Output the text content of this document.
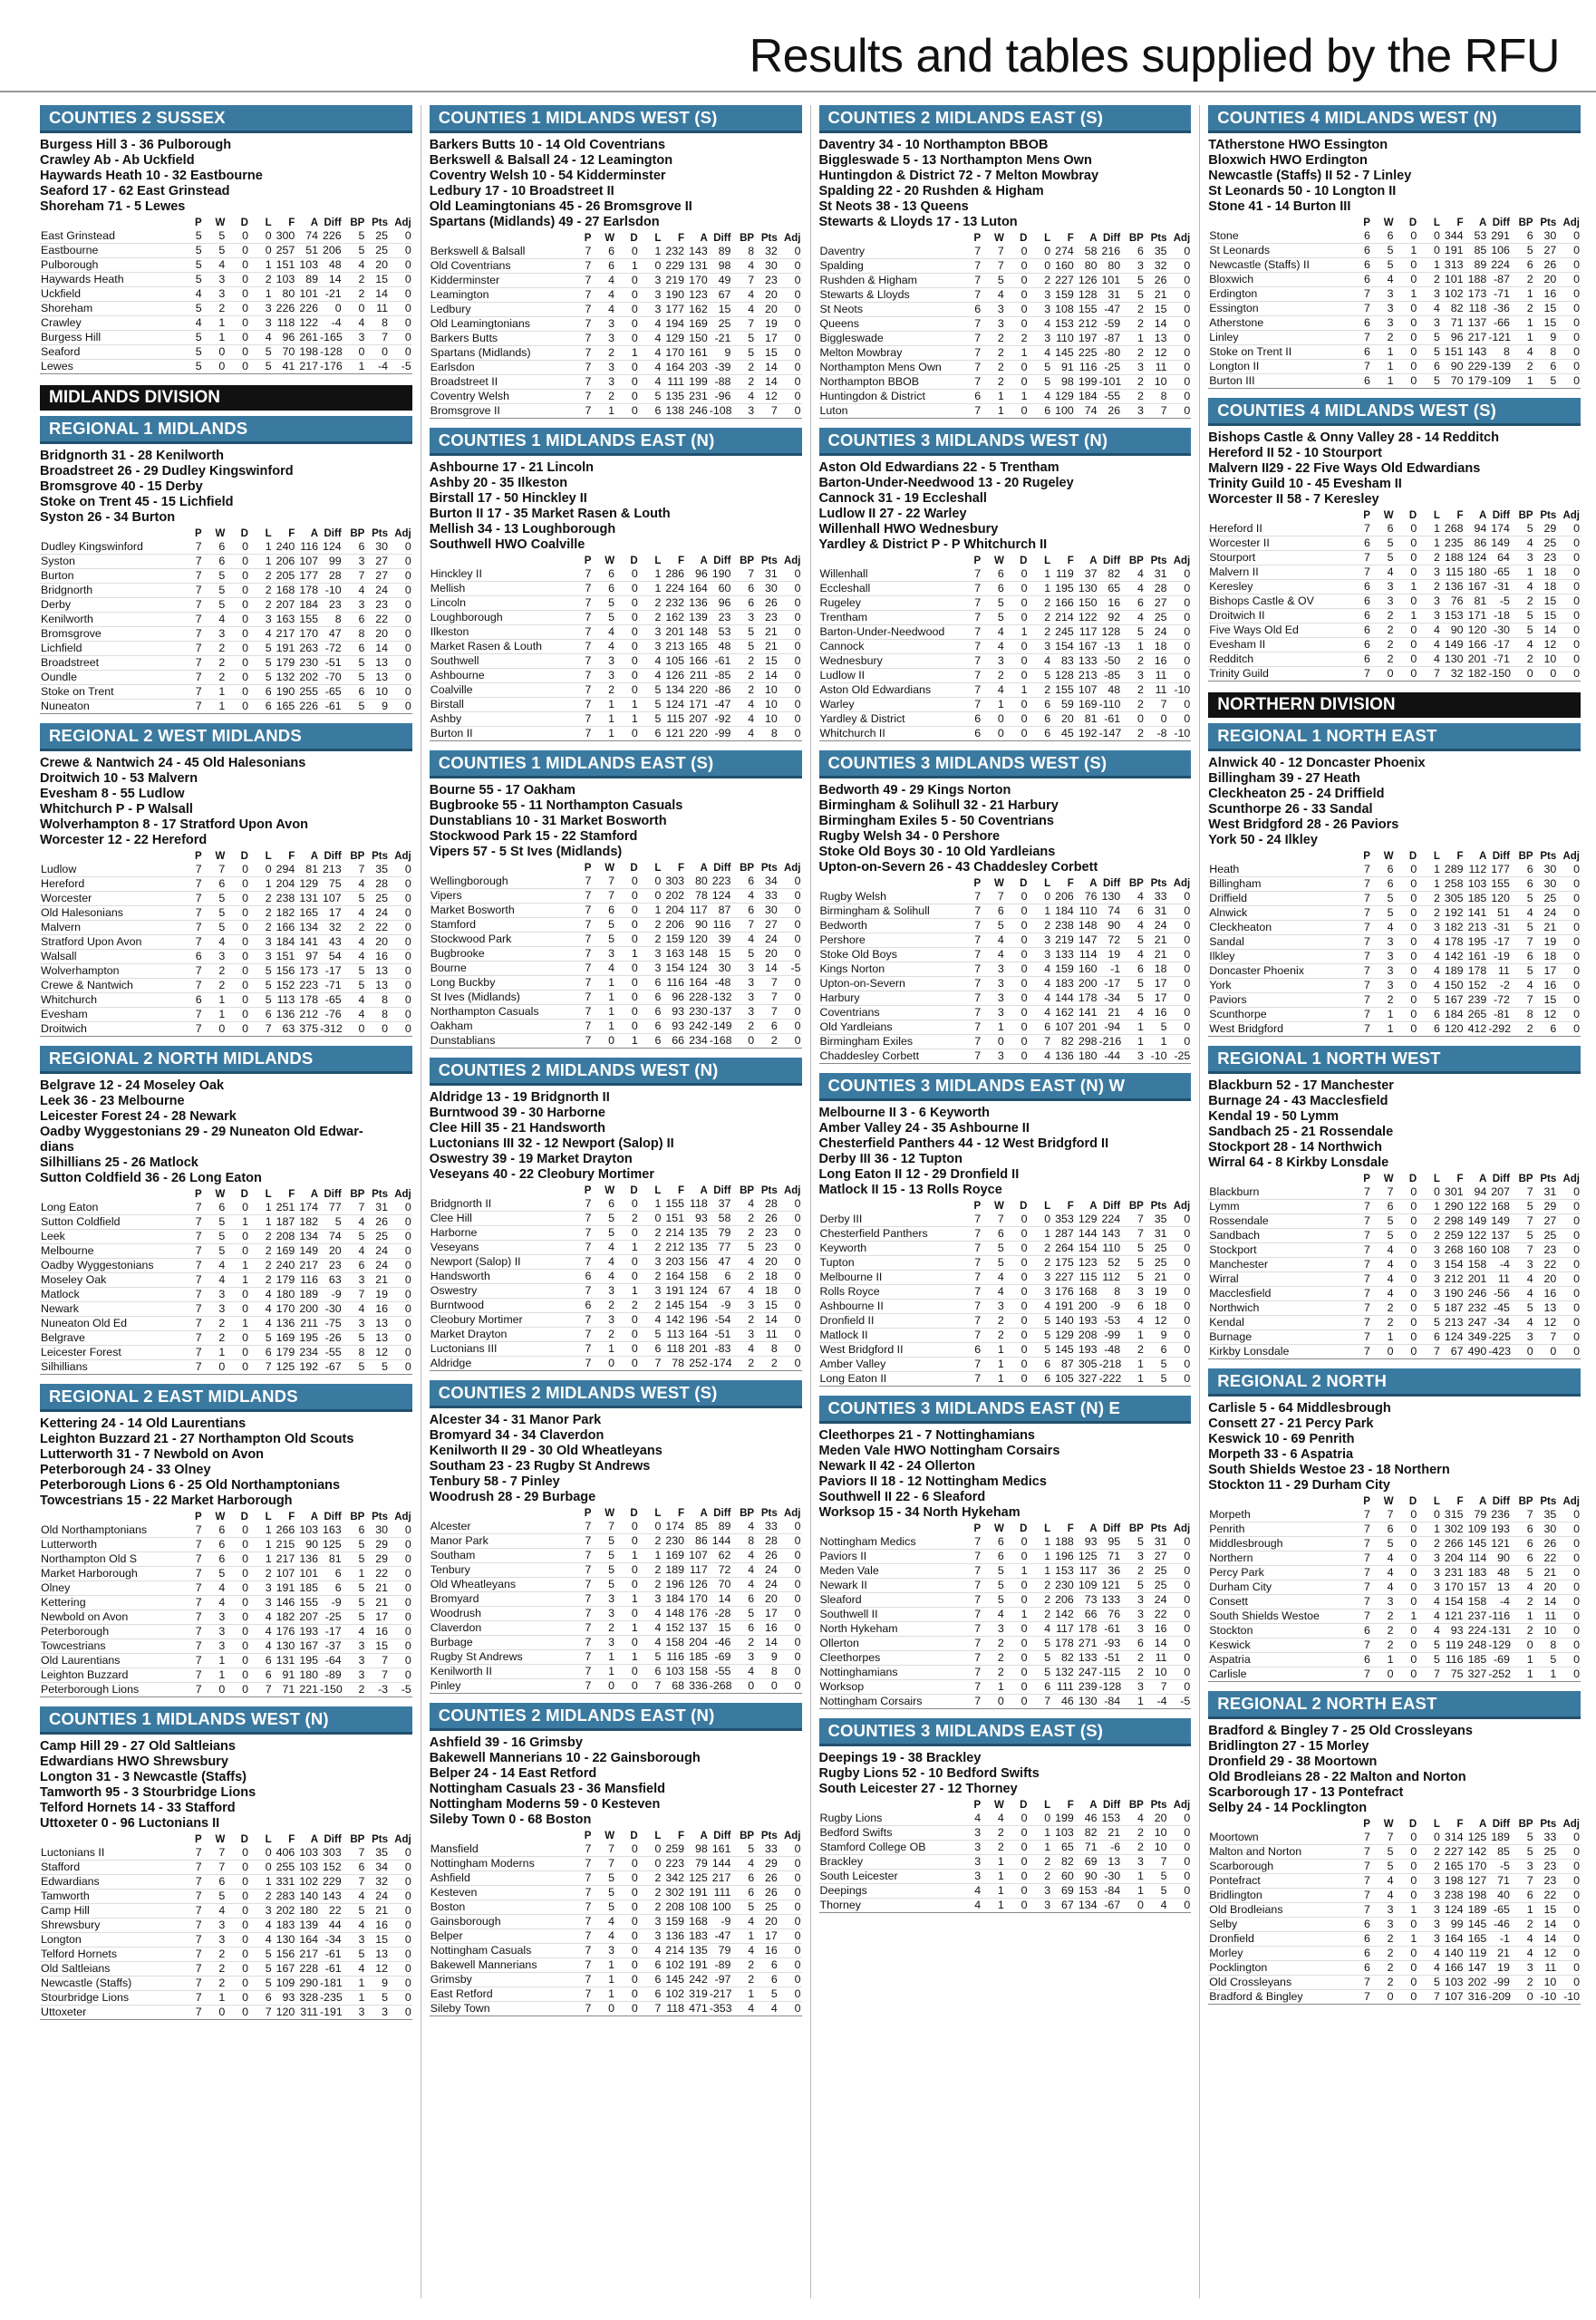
Results and tables supplied by the RFU
COUNTIES 2 SUSSEX
Burgess Hill 3 - 36 Pulborough
Crawley Ab - Ab Uckfield
Haywards Heath 10 - 32 Eastbourne
Seaford 17 - 62 East Grinstead
Shoreham 71 - 5 Lewes
	P	W	D	L	F	A	Diff	BP	Pts	Adj
East Grinstead	5	5	0	0	300	74	226	5	25	0
Eastbourne	5	5	0	0	257	51	206	5	25	0
Pulborough	5	4	0	1	151	103	48	4	20	0
Haywards Heath	5	3	0	2	103	89	14	2	15	0
Uckfield	4	3	0	1	80	101	-21	2	14	0
Shoreham	5	2	0	3	226	226	0	0	11	0
Crawley	4	1	0	3	118	122	-4	4	8	0
Burgess Hill	5	1	0	4	96	261	-165	3	7	0
Seaford	5	0	0	5	70	198	-128	0	0	0
Lewes	5	0	0	5	41	217	-176	1	-4	-5
MIDLANDS DIVISION
REGIONAL 1 MIDLANDS
Bridgnorth 31 - 28 Kenilworth
Broadstreet 26 - 29 Dudley Kingswinford
Bromsgrove 40 - 15 Derby
Stoke on Trent 45 - 15 Lichfield
Syston 26 - 34 Burton
	P	W	D	L	F	A	Diff	BP	Pts	Adj
Dudley Kingswinford	7	6	0	1	240	116	124	6	30	0
Syston	7	6	0	1	206	107	99	3	27	0
Burton	7	5	0	2	205	177	28	7	27	0
Bridgnorth	7	5	0	2	168	178	-10	4	24	0
Derby	7	5	0	2	207	184	23	3	23	0
Kenilworth	7	4	0	3	163	155	8	6	22	0
Bromsgrove	7	3	0	4	217	170	47	8	20	0
Lichfield	7	2	0	5	191	263	-72	6	14	0
Broadstreet	7	2	0	5	179	230	-51	5	13	0
Oundle	7	2	0	5	132	202	-70	5	13	0
Stoke on Trent	7	1	0	6	190	255	-65	6	10	0
Nuneaton	7	1	0	6	165	226	-61	5	9	0
REGIONAL 2 WEST MIDLANDS
Crewe & Nantwich 24 - 45 Old Halesonians
Droitwich 10 - 53 Malvern
Evesham 8 - 55 Ludlow
Whitchurch P - P Walsall
Wolverhampton 8 - 17 Stratford Upon Avon
Worcester 12 - 22 Hereford
	P	W	D	L	F	A	Diff	BP	Pts	Adj
Ludlow	7	7	0	0	294	81	213	7	35	0
Hereford	7	6	0	1	204	129	75	4	28	0
Worcester	7	5	0	2	238	131	107	5	25	0
Old Halesonians	7	5	0	2	182	165	17	4	24	0
Malvern	7	5	0	2	166	134	32	2	22	0
Stratford Upon Avon	7	4	0	3	184	141	43	4	20	0
Walsall	6	3	0	3	151	97	54	4	16	0
Wolverhampton	7	2	0	5	156	173	-17	5	13	0
Crewe & Nantwich	7	2	0	5	152	223	-71	5	13	0
Whitchurch	6	1	0	5	113	178	-65	4	8	0
Evesham	7	1	0	6	136	212	-76	4	8	0
Droitwich	7	0	0	7	63	375	-312	0	0	0
REGIONAL 2 NORTH MIDLANDS
Belgrave 12 - 24 Moseley Oak
Leek 36 - 23 Melbourne
Leicester Forest 24 - 28 Newark
Oadby Wyggestonians 29 - 29 Nuneaton Old Edwar-
dians
Silhillians 25 - 26 Matlock
Sutton Coldfield 36 - 26 Long Eaton
	P	W	D	L	F	A	Diff	BP	Pts	Adj
Long Eaton	7	6	0	1	251	174	77	7	31	0
Sutton Coldfield	7	5	1	1	187	182	5	4	26	0
Leek	7	5	0	2	208	134	74	5	25	0
Melbourne	7	5	0	2	169	149	20	4	24	0
Oadby Wyggestonians	7	4	1	2	240	217	23	6	24	0
Moseley Oak	7	4	1	2	179	116	63	3	21	0
Matlock	7	3	0	4	180	189	-9	7	19	0
Newark	7	3	0	4	170	200	-30	4	16	0
Nuneaton Old Ed	7	2	1	4	136	211	-75	3	13	0
Belgrave	7	2	0	5	169	195	-26	5	13	0
Leicester Forest	7	1	0	6	179	234	-55	8	12	0
Silhillians	7	0	0	7	125	192	-67	5	5	0
REGIONAL 2 EAST MIDLANDS
Kettering 24 - 14 Old Laurentians
Leighton Buzzard 21 - 27 Northampton Old Scouts
Lutterworth 31 - 7 Newbold on Avon
Peterborough 24 - 33 Olney
Peterborough Lions 6 - 25 Old Northamptonians
Towcestrians 15 - 22 Market Harborough
	P	W	D	L	F	A	Diff	BP	Pts	Adj
Old Northamptonians	7	6	0	1	266	103	163	6	30	0
Lutterworth	7	6	0	1	215	90	125	5	29	0
Northampton Old S	7	6	0	1	217	136	81	5	29	0
Market Harborough	7	5	0	2	107	101	6	1	22	0
Olney	7	4	0	3	191	185	6	5	21	0
Kettering	7	4	0	3	146	155	-9	5	21	0
Newbold on Avon	7	3	0	4	182	207	-25	5	17	0
Peterborough	7	3	0	4	176	193	-17	4	16	0
Towcestrians	7	3	0	4	130	167	-37	3	15	0
Old Laurentians	7	1	0	6	131	195	-64	3	7	0
Leighton Buzzard	7	1	0	6	91	180	-89	3	7	0
Peterborough Lions	7	0	0	7	71	221	-150	2	-3	-5
COUNTIES 1 MIDLANDS WEST (N)
Camp Hill 29 - 27 Old Saltleians
Edwardians HWO Shrewsbury
Longton 31 - 3 Newcastle (Staffs)
Tamworth 95 - 3 Stourbridge Lions
Telford Hornets 14 - 33 Stafford
Uttoxeter 0 - 96 Luctonians II
	P	W	D	L	F	A	Diff	BP	Pts	Adj
Luctonians II	7	7	0	0	406	103	303	7	35	0
Stafford	7	7	0	0	255	103	152	6	34	0
Edwardians	7	6	0	1	331	102	229	7	32	0
Tamworth	7	5	0	2	283	140	143	4	24	0
Camp Hill	7	4	0	3	202	180	22	5	21	0
Shrewsbury	7	3	0	4	183	139	44	4	16	0
Longton	7	3	0	4	130	164	-34	3	15	0
Telford Hornets	7	2	0	5	156	217	-61	5	13	0
Old Saltleians	7	2	0	5	167	228	-61	4	12	0
Newcastle (Staffs)	7	2	0	5	109	290	-181	1	9	0
Stourbridge Lions	7	1	0	6	93	328	-235	1	5	0
Uttoxeter	7	0	0	7	120	311	-191	3	3	0
COUNTIES 1 MIDLANDS WEST (S)
Barkers Butts 10 - 14 Old Coventrians
Berkswell & Balsall 24 - 12 Leamington
Coventry Welsh 10 - 54 Kidderminster
Ledbury 17 - 10 Broadstreet II
Old Leamingtonians 45 - 26 Bromsgrove II
Spartans (Midlands) 49 - 27 Earlsdon
	P	W	D	L	F	A	Diff	BP	Pts	Adj
Berkswell & Balsall	7	6	0	1	232	143	89	8	32	0
Old Coventrians	7	6	1	0	229	131	98	4	30	0
Kidderminster	7	4	0	3	219	170	49	7	23	0
Leamington	7	4	0	3	190	123	67	4	20	0
Ledbury	7	4	0	3	177	162	15	4	20	0
Old Leamingtonians	7	3	0	4	194	169	25	7	19	0
Barkers Butts	7	3	0	4	129	150	-21	5	17	0
Spartans (Midlands)	7	2	1	4	170	161	9	5	15	0
Earlsdon	7	3	0	4	164	203	-39	2	14	0
Broadstreet II	7	3	0	4	111	199	-88	2	14	0
Coventry Welsh	7	2	0	5	135	231	-96	4	12	0
Bromsgrove II	7	1	0	6	138	246	-108	3	7	0
COUNTIES 1 MIDLANDS EAST (N)
Ashbourne 17 - 21 Lincoln
Ashby 20 - 35 Ilkeston
Birstall 17 - 50 Hinckley II
Burton II 17 - 35 Market Rasen & Louth
Mellish 34 - 13 Loughborough
Southwell HWO Coalville
	P	W	D	L	F	A	Diff	BP	Pts	Adj
Hinckley II	7	6	0	1	286	96	190	7	31	0
Mellish	7	6	0	1	224	164	60	6	30	0
Lincoln	7	5	0	2	232	136	96	6	26	0
Loughborough	7	5	0	2	162	139	23	3	23	0
Ilkeston	7	4	0	3	201	148	53	5	21	0
Market Rasen & Louth	7	4	0	3	213	165	48	5	21	0
Southwell	7	3	0	4	105	166	-61	2	15	0
Ashbourne	7	3	0	4	126	211	-85	2	14	0
Coalville	7	2	0	5	134	220	-86	2	10	0
Birstall	7	1	1	5	124	171	-47	4	10	0
Ashby	7	1	1	5	115	207	-92	4	10	0
Burton II	7	1	0	6	121	220	-99	4	8	0
COUNTIES 1 MIDLANDS EAST (S)
Bourne 55 - 17 Oakham
Bugbrooke 55 - 11 Northampton Casuals
Dunstablians 10 - 31 Market Bosworth
Stockwood Park 15 - 22 Stamford
Vipers 57 - 5 St Ives (Midlands)
	P	W	D	L	F	A	Diff	BP	Pts	Adj
Wellingborough	7	7	0	0	303	80	223	6	34	0
Vipers	7	7	0	0	202	78	124	4	33	0
Market Bosworth	7	6	0	1	204	117	87	6	30	0
Stamford	7	5	0	2	206	90	116	7	27	0
Stockwood Park	7	5	0	2	159	120	39	4	24	0
Bugbrooke	7	3	1	3	163	148	15	5	20	0
Bourne	7	4	0	3	154	124	30	3	14	-5
Long Buckby	7	1	0	6	116	164	-48	3	7	0
St Ives (Midlands)	7	1	0	6	96	228	-132	3	7	0
Northampton Casuals	7	1	0	6	93	230	-137	3	7	0
Oakham	7	1	0	6	93	242	-149	2	6	0
Dunstablians	7	0	1	6	66	234	-168	0	2	0
COUNTIES 2 MIDLANDS WEST (N)
Aldridge 13 - 19 Bridgnorth II
Burntwood 39 - 30 Harborne
Clee Hill 35 - 21 Handsworth
Luctonians III 32 - 12 Newport (Salop) II
Oswestry 39 - 19 Market Drayton
Veseyans 40 - 22 Cleobury Mortimer
	P	W	D	L	F	A	Diff	BP	Pts	Adj
Bridgnorth II	7	6	0	1	155	118	37	4	28	0
Clee Hill	7	5	2	0	151	93	58	2	26	0
Harborne	7	5	0	2	214	135	79	2	23	0
Veseyans	7	4	1	2	212	135	77	5	23	0
Newport (Salop) II	7	4	0	3	203	156	47	4	20	0
Handsworth	6	4	0	2	164	158	6	2	18	0
Oswestry	7	3	1	3	191	124	67	4	18	0
Burntwood	6	2	2	2	145	154	-9	3	15	0
Cleobury Mortimer	7	3	0	4	142	196	-54	2	14	0
Market Drayton	7	2	0	5	113	164	-51	3	11	0
Luctonians III	7	1	0	6	118	201	-83	4	8	0
Aldridge	7	0	0	7	78	252	-174	2	2	0
COUNTIES 2 MIDLANDS WEST (S)
Alcester 34 - 31 Manor Park
Bromyard 34 - 34 Claverdon
Kenilworth II 29 - 30 Old Wheatleyans
Southam 23 - 23 Rugby St Andrews
Tenbury 58 - 7 Pinley
Woodrush 28 - 29 Burbage
	P	W	D	L	F	A	Diff	BP	Pts	Adj
Alcester	7	7	0	0	174	85	89	4	33	0
Manor Park	7	5	0	2	230	86	144	8	28	0
Southam	7	5	1	1	169	107	62	4	26	0
Tenbury	7	5	0	2	189	117	72	4	24	0
Old Wheatleyans	7	5	0	2	196	126	70	4	24	0
Bromyard	7	3	1	3	184	170	14	6	20	0
Woodrush	7	3	0	4	148	176	-28	5	17	0
Claverdon	7	2	1	4	152	137	15	6	16	0
Burbage	7	3	0	4	158	204	-46	2	14	0
Rugby St Andrews	7	1	1	5	116	185	-69	3	9	0
Kenilworth II	7	1	0	6	103	158	-55	4	8	0
Pinley	7	0	0	7	68	336	-268	0	0	0
COUNTIES 2 MIDLANDS EAST (N)
Ashfield 39 - 16 Grimsby
Bakewell Mannerians 10 - 22 Gainsborough
Belper 24 - 14 East Retford
Nottingham Casuals 23 - 36 Mansfield
Nottingham Moderns 59 - 0 Kesteven
Sileby Town 0 - 68 Boston
	P	W	D	L	F	A	Diff	BP	Pts	Adj
Mansfield	7	7	0	0	259	98	161	5	33	0
Nottingham Moderns	7	7	0	0	223	79	144	4	29	0
Ashfield	7	5	0	2	342	125	217	6	26	0
Kesteven	7	5	0	2	302	191	111	6	26	0
Boston	7	5	0	2	208	108	100	5	25	0
Gainsborough	7	4	0	3	159	168	-9	4	20	0
Belper	7	4	0	3	136	183	-47	1	17	0
Nottingham Casuals	7	3	0	4	214	135	79	4	16	0
Bakewell Mannerians	7	1	0	6	102	191	-89	2	6	0
Grimsby	7	1	0	6	145	242	-97	2	6	0
East Retford	7	1	0	6	102	319	-217	1	5	0
Sileby Town	7	0	0	7	118	471	-353	4	4	0
COUNTIES 2 MIDLANDS EAST (S)
Daventry 34 - 10 Northampton BBOB
Biggleswade 5 - 13 Northampton Mens Own
Huntingdon & District 72 - 7 Melton Mowbray
Spalding 22 - 20 Rushden & Higham
St Neots 38 - 13 Queens
Stewarts & Lloyds 17 - 13 Luton
	P	W	D	L	F	A	Diff	BP	Pts	Adj
Daventry	7	7	0	0	274	58	216	6	35	0
Spalding	7	7	0	0	160	80	80	3	32	0
Rushden & Higham	7	5	0	2	227	126	101	5	26	0
Stewarts & Lloyds	7	4	0	3	159	128	31	5	21	0
St Neots	6	3	0	3	108	155	-47	2	15	0
Queens	7	3	0	4	153	212	-59	2	14	0
Biggleswade	7	2	2	3	110	197	-87	1	13	0
Melton Mowbray	7	2	1	4	145	225	-80	2	12	0
Northampton Mens Own	7	2	0	5	91	116	-25	3	11	0
Northampton BBOB	7	2	0	5	98	199	-101	2	10	0
Huntingdon & District	6	1	1	4	129	184	-55	2	8	0
Luton	7	1	0	6	100	74	26	3	7	0
COUNTIES 3 MIDLANDS WEST (N)
Aston Old Edwardians 22 - 5 Trentham
Barton-Under-Needwood 13 - 20 Rugeley
Cannock 31 - 19 Eccleshall
Ludlow II 27 - 22 Warley
Willenhall HWO Wednesbury
Yardley & District P - P Whitchurch II
	P	W	D	L	F	A	Diff	BP	Pts	Adj
Willenhall	7	6	0	1	119	37	82	4	31	0
Eccleshall	7	6	0	1	195	130	65	4	28	0
Rugeley	7	5	0	2	166	150	16	6	27	0
Trentham	7	5	0	2	214	122	92	4	25	0
Barton-Under-Needwood	7	4	1	2	245	117	128	5	24	0
Cannock	7	4	0	3	154	167	-13	1	18	0
Wednesbury	7	3	0	4	83	133	-50	2	16	0
Ludlow II	7	2	0	5	128	213	-85	3	11	0
Aston Old Edwardians	7	4	1	2	155	107	48	2	11	-10
Warley	7	1	0	6	59	169	-110	2	7	0
Yardley & District	6	0	0	6	20	81	-61	0	0	0
Whitchurch II	6	0	0	6	45	192	-147	2	-8	-10
COUNTIES 3 MIDLANDS WEST (S)
Bedworth 49 - 29 Kings Norton
Birmingham & Solihull 32 - 21 Harbury
Birmingham Exiles 5 - 50 Coventrians
Rugby Welsh 34 - 0 Pershore
Stoke Old Boys 30 - 10 Old Yardleians
Upton-on-Severn 26 - 43 Chaddesley Corbett
	P	W	D	L	F	A	Diff	BP	Pts	Adj
Rugby Welsh	7	7	0	0	206	76	130	4	33	0
Birmingham & Solihull	7	6	0	1	184	110	74	6	31	0
Bedworth	7	5	0	2	238	148	90	4	24	0
Pershore	7	4	0	3	219	147	72	5	21	0
Stoke Old Boys	7	4	0	3	133	114	19	4	21	0
Kings Norton	7	3	0	4	159	160	-1	6	18	0
Upton-on-Severn	7	3	0	4	183	200	-17	5	17	0
Harbury	7	3	0	4	144	178	-34	5	17	0
Coventrians	7	3	0	4	162	141	21	4	16	0
Old Yardleians	7	1	0	6	107	201	-94	1	5	0
Birmingham Exiles	7	0	0	7	82	298	-216	1	1	0
Chaddesley Corbett	7	3	0	4	136	180	-44	3	-10	-25
COUNTIES 3 MIDLANDS EAST (N) W
Melbourne II 3 - 6 Keyworth
Amber Valley 24 - 35 Ashbourne II
Chesterfield Panthers 44 - 12 West Bridgford II
Derby III 36 - 12 Tupton
Long Eaton II 12 - 29 Dronfield II
Matlock II 15 - 13 Rolls Royce
	P	W	D	L	F	A	Diff	BP	Pts	Adj
Derby III	7	7	0	0	353	129	224	7	35	0
Chesterfield Panthers	7	6	0	1	287	144	143	7	31	0
Keyworth	7	5	0	2	264	154	110	5	25	0
Tupton	7	5	0	2	175	123	52	5	25	0
Melbourne II	7	4	0	3	227	115	112	5	21	0
Rolls Royce	7	4	0	3	176	168	8	3	19	0
Ashbourne II	7	3	0	4	191	200	-9	6	18	0
Dronfield II	7	2	0	5	140	193	-53	4	12	0
Matlock II	7	2	0	5	129	208	-99	1	9	0
West Bridgford II	6	1	0	5	145	193	-48	2	6	0
Amber Valley	7	1	0	6	87	305	-218	1	5	0
Long Eaton II	7	1	0	6	105	327	-222	1	5	0
COUNTIES 3 MIDLANDS EAST (N) E
Cleethorpes 21 - 7 Nottinghamians
Meden Vale HWO Nottingham Corsairs
Newark II 42 - 24 Ollerton
Paviors II 18 - 12 Nottingham Medics
Southwell II 22 - 6 Sleaford
Worksop 15 - 34 North Hykeham
	P	W	D	L	F	A	Diff	BP	Pts	Adj
Nottingham Medics	7	6	0	1	188	93	95	5	31	0
Paviors II	7	6	0	1	196	125	71	3	27	0
Meden Vale	7	5	1	1	153	117	36	2	25	0
Newark II	7	5	0	2	230	109	121	5	25	0
Sleaford	7	5	0	2	206	73	133	3	24	0
Southwell II	7	4	1	2	142	66	76	3	22	0
North Hykeham	7	3	0	4	117	178	-61	3	16	0
Ollerton	7	2	0	5	178	271	-93	6	14	0
Cleethorpes	7	2	0	5	82	133	-51	2	11	0
Nottinghamians	7	2	0	5	132	247	-115	2	10	0
Worksop	7	1	0	6	111	239	-128	3	7	0
Nottingham Corsairs	7	0	0	7	46	130	-84	1	-4	-5
COUNTIES 3 MIDLANDS EAST (S)
Deepings 19 - 38 Brackley
Rugby Lions 52 - 10 Bedford Swifts
South Leicester 27 - 12 Thorney
	P	W	D	L	F	A	Diff	BP	Pts	Adj
Rugby Lions	4	4	0	0	199	46	153	4	20	0
Bedford Swifts	3	2	0	1	103	82	21	2	10	0
Stamford College OB	3	2	0	1	65	71	-6	2	10	0
Brackley	3	1	0	2	82	69	13	3	7	0
South Leicester	3	1	0	2	60	90	-30	1	5	0
Deepings	4	1	0	3	69	153	-84	1	5	0
Thorney	4	1	0	3	67	134	-67	0	4	0
COUNTIES 4 MIDLANDS WEST (N)
TAtherstone HWO Essington
Bloxwich HWO Erdington
Newcastle (Staffs) II 52 - 7 Linley
St Leonards 50 - 10 Longton II
Stone 41 - 14 Burton III
	P	W	D	L	F	A	Diff	BP	Pts	Adj
Stone	6	6	0	0	344	53	291	6	30	0
St Leonards	6	5	1	0	191	85	106	5	27	0
Newcastle (Staffs) II	6	5	0	1	313	89	224	6	26	0
Bloxwich	6	4	0	2	101	188	-87	2	20	0
Erdington	7	3	1	3	102	173	-71	1	16	0
Essington	7	3	0	4	82	118	-36	2	15	0
Atherstone	6	3	0	3	71	137	-66	1	15	0
Linley	7	2	0	5	96	217	-121	1	9	0
Stoke on Trent II	6	1	0	5	151	143	8	4	8	0
Longton II	7	1	0	6	90	229	-139	2	6	0
Burton III	6	1	0	5	70	179	-109	1	5	0
COUNTIES 4 MIDLANDS WEST (S)
Bishops Castle & Onny Valley 28 - 14 Redditch
Hereford II 52 - 10 Stourport
Malvern II29 - 22 Five Ways Old Edwardians
Trinity Guild 10 - 45 Evesham II
Worcester II 58 - 7 Keresley
	P	W	D	L	F	A	Diff	BP	Pts	Adj
Hereford II	7	6	0	1	268	94	174	5	29	0
Worcester II	6	5	0	1	235	86	149	4	25	0
Stourport	7	5	0	2	188	124	64	3	23	0
Malvern II	7	4	0	3	115	180	-65	1	18	0
Keresley	6	3	1	2	136	167	-31	4	18	0
Bishops Castle & OV	6	3	0	3	76	81	-5	2	15	0
Droitwich II	6	2	1	3	153	171	-18	5	15	0
Five Ways Old Ed	6	2	0	4	90	120	-30	5	14	0
Evesham II	6	2	0	4	149	166	-17	4	12	0
Redditch	6	2	0	4	130	201	-71	2	10	0
Trinity Guild	7	0	0	7	32	182	-150	0	0	0
NORTHERN DIVISION
REGIONAL 1 NORTH EAST
Alnwick 40 - 12 Doncaster Phoenix
Billingham 39 - 27 Heath
Cleckheaton 25 - 24 Driffield
Scunthorpe 26 - 33 Sandal
West Bridgford 28 - 26 Paviors
York 50 - 24 Ilkley
	P	W	D	L	F	A	Diff	BP	Pts	Adj
Heath	7	6	0	1	289	112	177	6	30	0
Billingham	7	6	0	1	258	103	155	6	30	0
Driffield	7	5	0	2	305	185	120	5	25	0
Alnwick	7	5	0	2	192	141	51	4	24	0
Cleckheaton	7	4	0	3	182	213	-31	5	21	0
Sandal	7	3	0	4	178	195	-17	7	19	0
Ilkley	7	3	0	4	142	161	-19	6	18	0
Doncaster Phoenix	7	3	0	4	189	178	11	5	17	0
York	7	3	0	4	150	152	-2	4	16	0
Paviors	7	2	0	5	167	239	-72	7	15	0
Scunthorpe	7	1	0	6	184	265	-81	8	12	0
West Bridgford	7	1	0	6	120	412	-292	2	6	0
REGIONAL 1 NORTH WEST
Blackburn 52 - 17 Manchester
Burnage 24 - 43 Macclesfield
Kendal 19 - 50 Lymm
Sandbach 25 - 21 Rossendale
Stockport 28 - 14 Northwich
Wirral 64 - 8 Kirkby Lonsdale
	P	W	D	L	F	A	Diff	BP	Pts	Adj
Blackburn	7	7	0	0	301	94	207	7	31	0
Lymm	7	6	0	1	290	122	168	5	29	0
Rossendale	7	5	0	2	298	149	149	7	27	0
Sandbach	7	5	0	2	259	122	137	5	25	0
Stockport	7	4	0	3	268	160	108	7	23	0
Manchester	7	4	0	3	154	158	-4	3	22	0
Wirral	7	4	0	3	212	201	11	4	20	0
Macclesfield	7	4	0	3	190	246	-56	4	16	0
Northwich	7	2	0	5	187	232	-45	5	13	0
Kendal	7	2	0	5	213	247	-34	4	12	0
Burnage	7	1	0	6	124	349	-225	3	7	0
Kirkby Lonsdale	7	0	0	7	67	490	-423	0	0	0
REGIONAL 2 NORTH
Carlisle 5 - 64 Middlesbrough
Consett 27 - 21 Percy Park
Keswick 10 - 69 Penrith
Morpeth 33 - 6 Aspatria
South Shields Westoe 23 - 18 Northern
Stockton 11 - 29 Durham City
	P	W	D	L	F	A	Diff	BP	Pts	Adj
Morpeth	7	7	0	0	315	79	236	7	35	0
Penrith	7	6	0	1	302	109	193	6	30	0
Middlesbrough	7	5	0	2	266	145	121	6	26	0
Northern	7	4	0	3	204	114	90	6	22	0
Percy Park	7	4	0	3	231	183	48	5	21	0
Durham City	7	4	0	3	170	157	13	4	20	0
Consett	7	3	0	4	154	158	-4	2	14	0
South Shields Westoe	7	2	1	4	121	237	-116	1	11	0
Stockton	6	2	0	4	93	224	-131	2	10	0
Keswick	7	2	0	5	119	248	-129	0	8	0
Aspatria	6	1	0	5	116	185	-69	1	5	0
Carlisle	7	0	0	7	75	327	-252	1	1	0
REGIONAL 2 NORTH EAST
Bradford & Bingley 7 - 25 Old Crossleyans
Bridlington 27 - 15 Morley
Dronfield 29 - 38 Moortown
Old Brodleians 28 - 22 Malton and Norton
Scarborough 17 - 13 Pontefract
Selby 24 - 14 Pocklington
	P	W	D	L	F	A	Diff	BP	Pts	Adj
Moortown	7	7	0	0	314	125	189	5	33	0
Malton and Norton	7	5	0	2	227	142	85	5	25	0
Scarborough	7	5	0	2	165	170	-5	3	23	0
Pontefract	7	4	0	3	198	127	71	7	23	0
Bridlington	7	4	0	3	238	198	40	6	22	0
Old Brodleians	7	3	1	3	124	189	-65	1	15	0
Selby	6	3	0	3	99	145	-46	2	14	0
Dronfield	6	2	1	3	164	165	-1	4	14	0
Morley	6	2	0	4	140	119	21	4	12	0
Pocklington	6	2	0	4	166	147	19	3	11	0
Old Crossleyans	7	2	0	5	103	202	-99	2	10	0
Bradford & Bingley	7	0	0	7	107	316	-209	0	-10	-10
